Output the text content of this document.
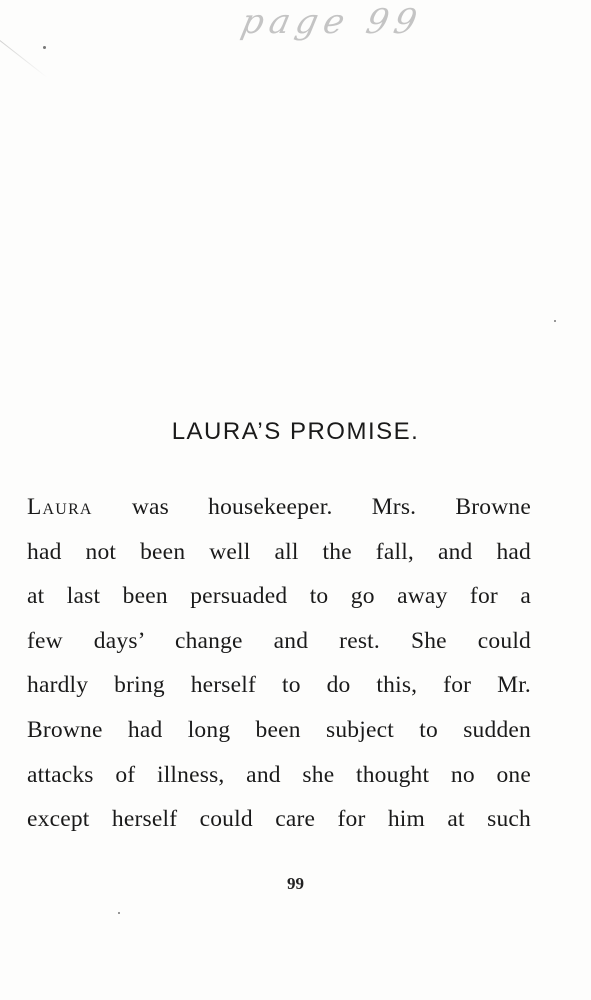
page 99
LAURA’S PROMISE.
Laura was housekeeper. Mrs. Browne
had not been well all the fall, and had
at last been persuaded to go away for a
few days’ change and rest. She could
hardly bring herself to do this, for Mr.
Browne had long been subject to sudden
attacks of illness, and she thought no one
except herself could care for him at such
99
